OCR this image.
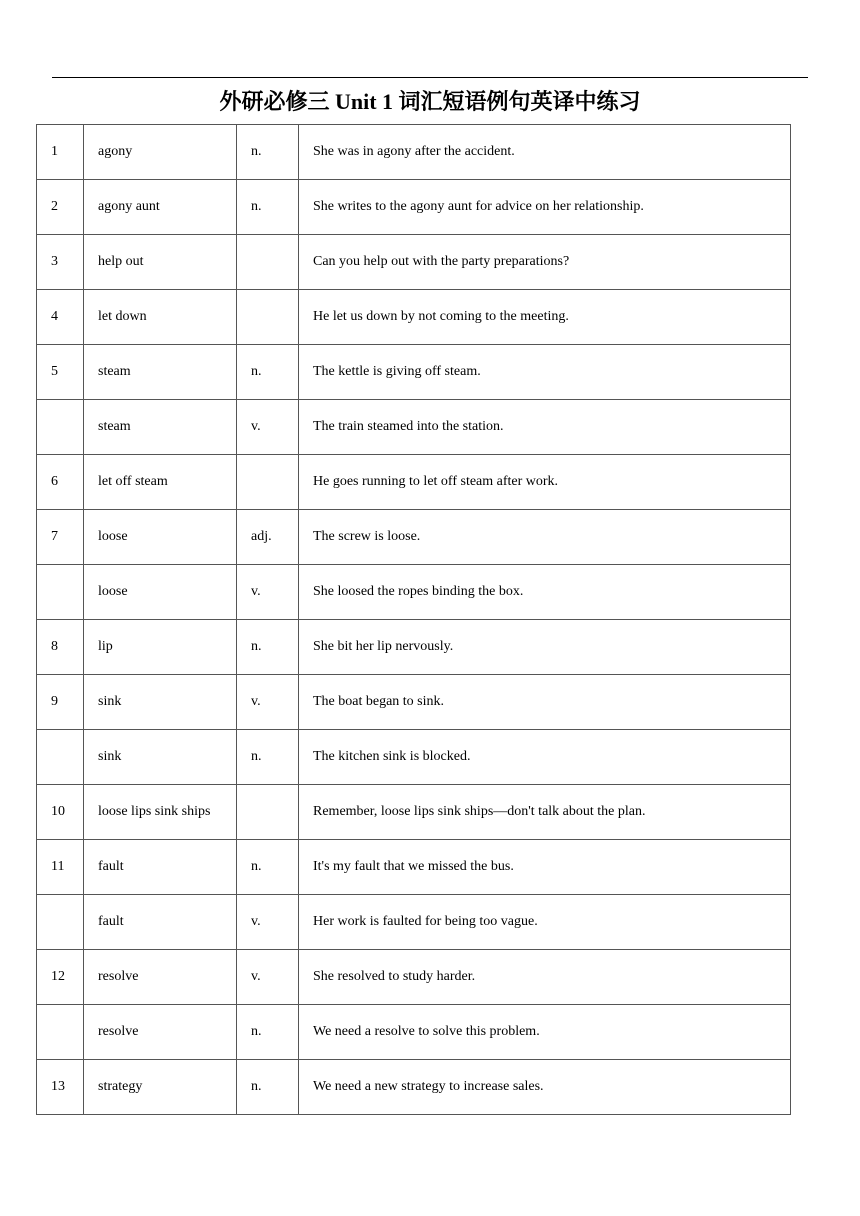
外研必修三 Unit 1 词汇短语例句英译中练习
1	agony	n.	She was in agony after the accident.
2	agony aunt	n.	She writes to the agony aunt for advice on her relationship.
3	help out		Can you help out with the party preparations?
4	let down		He let us down by not coming to the meeting.
5	steam	n.	The kettle is giving off steam.
	steam	v.	The train steamed into the station.
6	let off steam		He goes running to let off steam after work.
7	loose	adj.	The screw is loose.
	loose	v.	She loosed the ropes binding the box.
8	lip	n.	She bit her lip nervously.
9	sink	v.	The boat began to sink.
	sink	n.	The kitchen sink is blocked.
10	loose lips sink ships		Remember, loose lips sink ships—don't talk about the plan.
11	fault	n.	It's my fault that we missed the bus.
	fault	v.	Her work is faulted for being too vague.
12	resolve	v.	She resolved to study harder.
	resolve	n.	We need a resolve to solve this problem.
13	strategy	n.	We need a new strategy to increase sales.
